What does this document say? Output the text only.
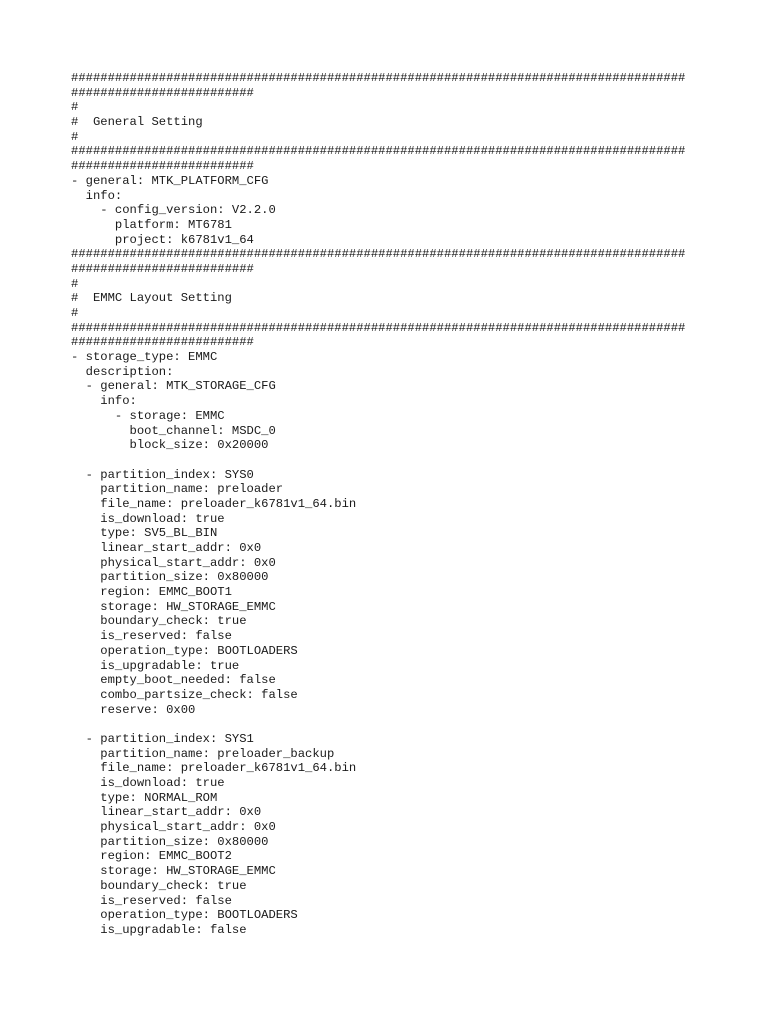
####################################################################################
#########################
#
#  General Setting
#
####################################################################################
#########################
- general: MTK_PLATFORM_CFG
info:
- config_version: V2.2.0
platform: MT6781
project: k6781v1_64
####################################################################################
#########################
#
#  EMMC Layout Setting
#
####################################################################################
#########################
- storage_type: EMMC
description:
- general: MTK_STORAGE_CFG
info:
- storage: EMMC
boot_channel: MSDC_0
block_size: 0x20000
- partition_index: SYS0
partition_name: preloader
file_name: preloader_k6781v1_64.bin
is_download: true
type: SV5_BL_BIN
linear_start_addr: 0x0
physical_start_addr: 0x0
partition_size: 0x80000
region: EMMC_BOOT1
storage: HW_STORAGE_EMMC
boundary_check: true
is_reserved: false
operation_type: BOOTLOADERS
is_upgradable: true
empty_boot_needed: false
combo_partsize_check: false
reserve: 0x00
- partition_index: SYS1
partition_name: preloader_backup
file_name: preloader_k6781v1_64.bin
is_download: true
type: NORMAL_ROM
linear_start_addr: 0x0
physical_start_addr: 0x0
partition_size: 0x80000
region: EMMC_BOOT2
storage: HW_STORAGE_EMMC
boundary_check: true
is_reserved: false
operation_type: BOOTLOADERS
is_upgradable: false
